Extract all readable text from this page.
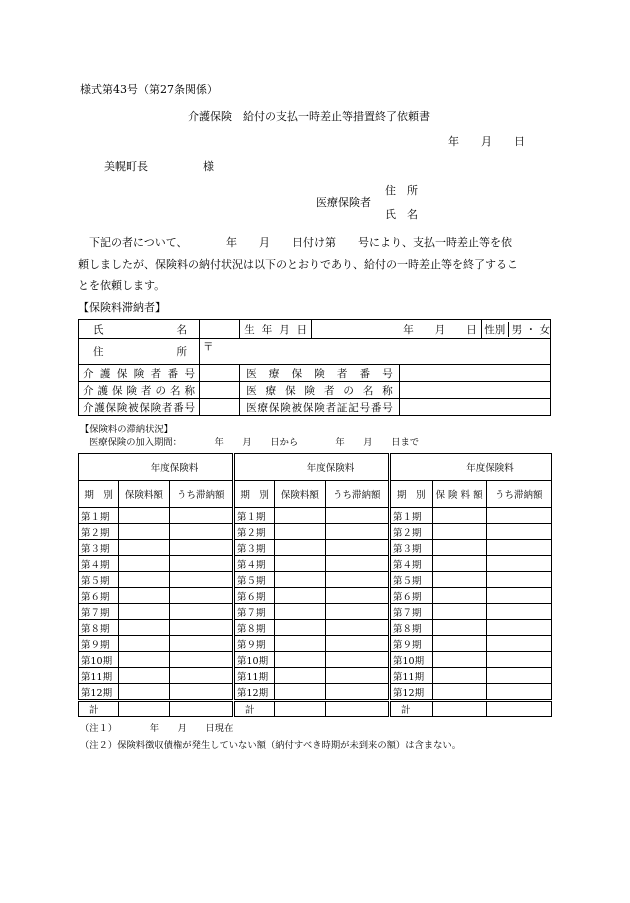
様式第43号（第27条関係）
介護保険　給付の支払一時差止等措置終了依頼書
年　　月　　日
美幌町長　　　　　様
住　所
医療保険者
氏　名
下記の者について、　　　　年　　月　　日付け第　　号により、支払一時差止等を依
頼しましたが、保険料の納付状況は以下のとおりであり、給付の一時差止等を終了するこ
とを依頼します。
【保険料滞納者】
氏　　名		生年月日		年　　月　　日	性別 男 ・ 女
住　　所	〒				
介護保険者番号		医療保険者番号			
介護保険者の名称		医療保険者の名称			
介護保険被保険者番号		医療保険被保険者証記号番号			
【保険料の滞納状況】
医療保険の加入期間：　　　　年　　月　　日から　　　　年　　月　　日まで
年度保険料		
期　別	保険料額	うち滞納額
第１期		
第２期		
第３期		
第４期		
第５期		
第６期		
第７期		
第８期		
第９期		
第10期		
第11期		
第12期		
計		
年度保険料		
期　別	保険料額	うち滞納額
第１期		
第２期		
第３期		
第４期		
第５期		
第６期		
第７期		
第８期		
第９期		
第10期		
第11期		
第12期		
計		
年度保険料		
期　別	保 険 料 額	うち滞納額
第１期		
第２期		
第３期		
第４期		
第５期		
第６期		
第７期		
第８期		
第９期		
第10期		
第11期		
第12期		
計		
（注１）　　　　年　　月　　日現在
（注２）保険料徴収債権が発生していない額（納付すべき時期が未到来の額）は含まない。
